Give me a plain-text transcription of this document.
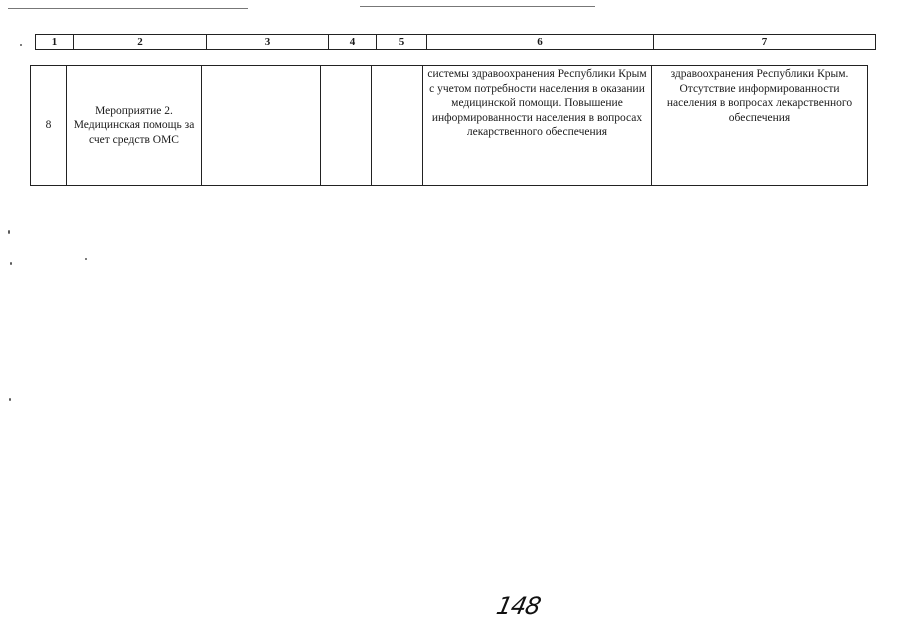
1	2	3	4	5	6	7
8	Мероприятие 2. Медицинская помощь за счет средств ОМС				системы здравоохранения Республики Крым с учетом потребности населения в оказании медицинской помощи. Повышение информированности населения в вопросах лекарственного обеспечения	здравоохранения Республики Крым. Отсутствие информированности населения в вопросах лекарственного обеспечения
148
